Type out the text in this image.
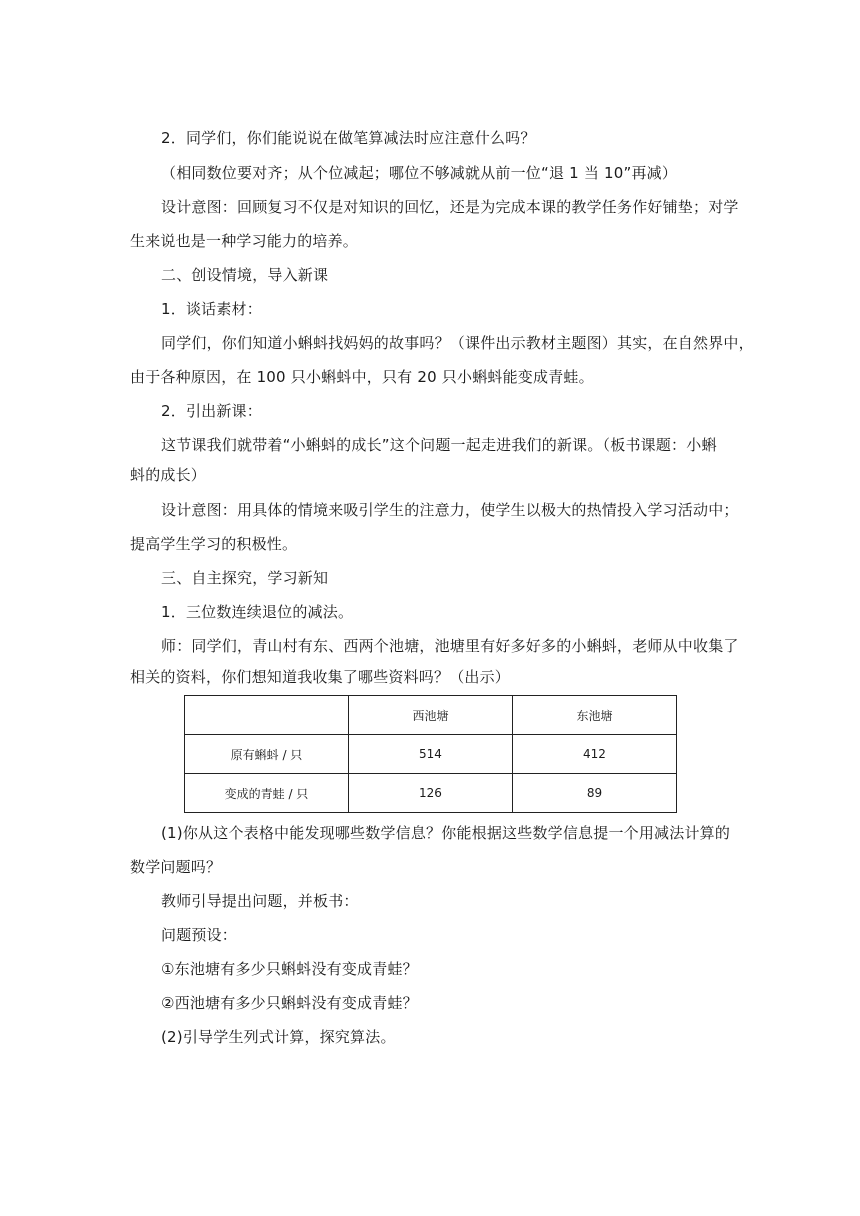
2．同学们，你们能说说在做笔算减法时应注意什么吗？
（相同数位要对齐；从个位减起；哪位不够减就从前一位“退 1 当 10”再减）
设计意图：回顾复习不仅是对知识的回忆，还是为完成本课的教学任务作好铺垫；对学
生来说也是一种学习能力的培养。
二、创设情境，导入新课
1．谈话素材：
同学们，你们知道小蝌蚪找妈妈的故事吗？（课件出示教材主题图）其实，在自然界中，
由于各种原因，在 100 只小蝌蚪中，只有 20 只小蝌蚪能变成青蛙。
2．引出新课：
这节课我们就带着“小蝌蚪的成长”这个问题一起走进我们的新课。（板书课题：小蝌
蚪的成长）
设计意图：用具体的情境来吸引学生的注意力，使学生以极大的热情投入学习活动中；
提高学生学习的积极性。
三、自主探究，学习新知
1．三位数连续退位的减法。
师：同学们，青山村有东、西两个池塘，池塘里有好多好多的小蝌蚪，老师从中收集了
相关的资料，你们想知道我收集了哪些资料吗？（出示）
	西池塘	东池塘
原有蝌蚪 / 只	514	412
变成的青蛙 / 只	126	89
(1)你从这个表格中能发现哪些数学信息？你能根据这些数学信息提一个用减法计算的
数学问题吗？
教师引导提出问题，并板书：
问题预设：
①东池塘有多少只蝌蚪没有变成青蛙？
②西池塘有多少只蝌蚪没有变成青蛙？
(2)引导学生列式计算，探究算法。
